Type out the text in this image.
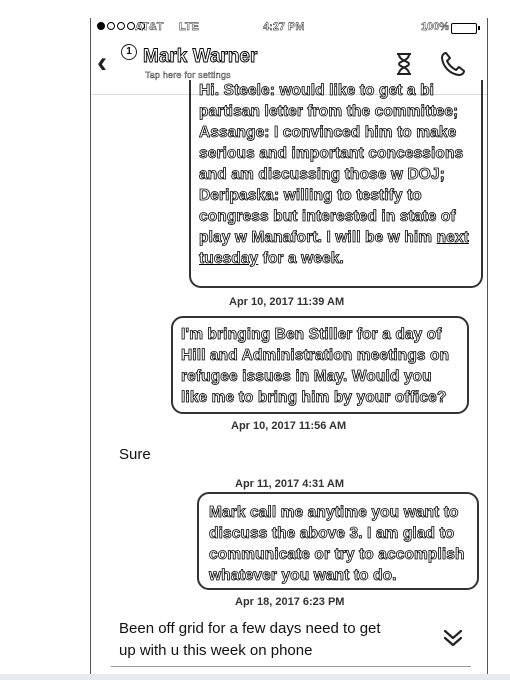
AT&T LTE	4:27 PM	100%
‹	1 Mark Warner
Tap here for settings
Hi. Steele: would like to get a bi partisan letter from the committee; Assange: I convinced him to make serious and important concessions and am discussing those w DOJ; Deripaska: willing to testify to congress but interested in state of play w Manafort. I will be w him next tuesday for a week.
Apr 10, 2017 11:39 AM
I'm bringing Ben Stiller for a day of Hill and Administration meetings on refugee issues in May. Would you like me to bring him by your office?
Apr 10, 2017 11:56 AM
Sure
Apr 11, 2017 4:31 AM
Mark call me anytime you want to discuss the above 3. I am glad to communicate or try to accomplish whatever you want to do.
Apr 18, 2017 6:23 PM
Been off grid for a few days need to get up with u this week on phone
